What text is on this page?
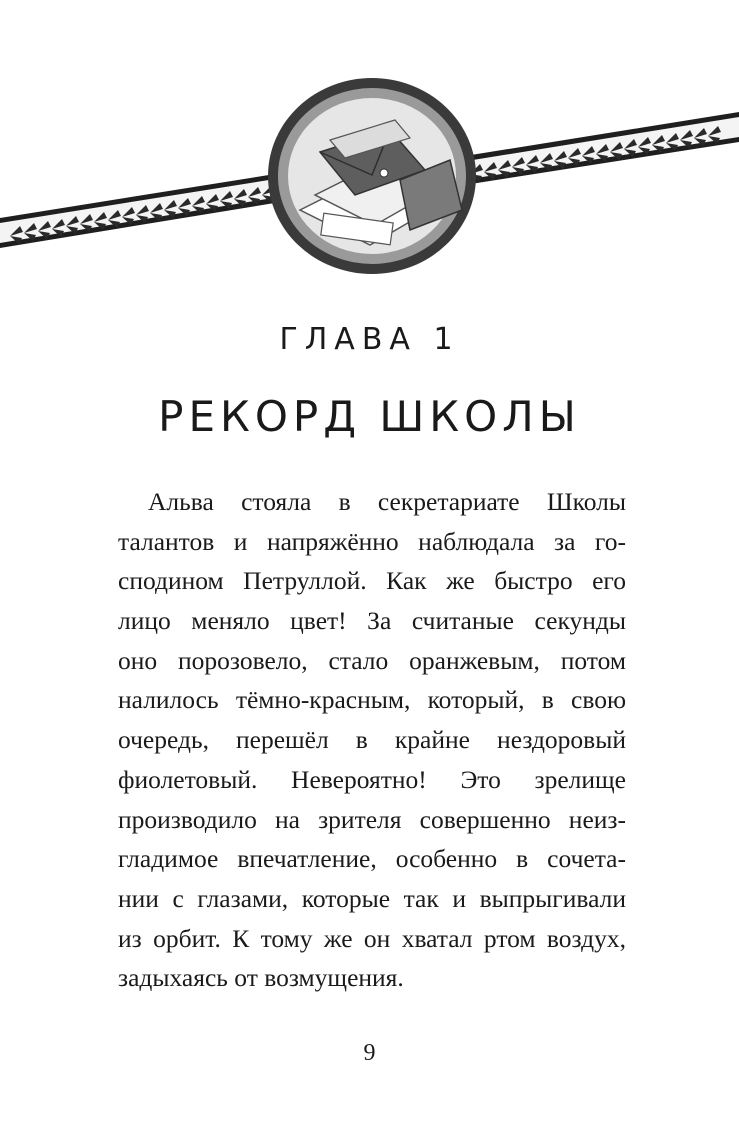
ГЛАВА 1
РЕКОРД ШКОЛЫ
Альва стояла в секретариате Школы
талантов и напряжённо наблюдала за го-
сподином Петруллой. Как же быстро его
лицо меняло цвет! За считаные секунды
оно порозовело, стало оранжевым, потом
налилось тёмно-красным, который, в свою
очередь, перешёл в крайне нездоровый
фиолетовый. Невероятно! Это зрелище
производило на зрителя совершенно неиз-
гладимое впечатление, особенно в сочета-
нии с глазами, которые так и выпрыгивали
из орбит. К тому же он хватал ртом воздух,
задыхаясь от возмущения.
9
